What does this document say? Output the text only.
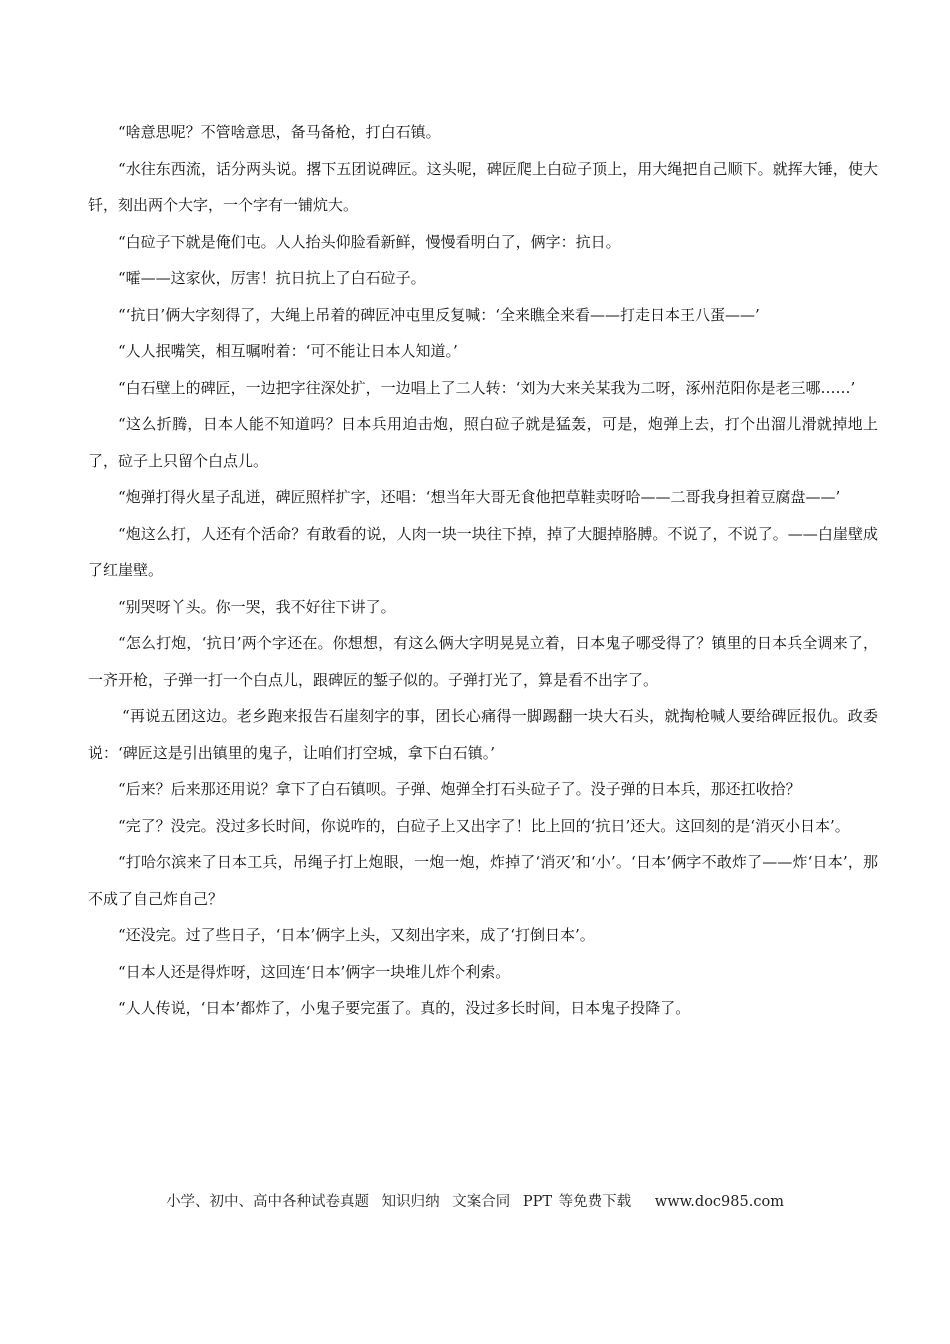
“啥意思呢？不管啥意思，备马备枪，打白石镇。

“水往东西流，话分两头说。撂下五团说碑匠。这头呢，碑匠爬上白砬子顶上，用大绳把自己顺下。就挥大锤，使大钎，刻出两个大字，一个字有一铺炕大。

“白砬子下就是俺们屯。人人抬头仰脸看新鲜，慢慢看明白了，俩字：抗日。

“嚯——这家伙，厉害！抗日抗上了白石砬子。

“‘抗日’俩大字刻得了，大绳上吊着的碑匠冲屯里反复喊：‘全来瞧全来看——打走日本王八蛋——’

“人人抿嘴笑，相互嘱咐着：‘可不能让日本人知道。’

“白石壁上的碑匠，一边把字往深处扩，一边唱上了二人转：‘刘为大来关某我为二呀，涿州范阳你是老三哪……’

“这么折腾，日本人能不知道吗？日本兵用迫击炮，照白砬子就是猛轰，可是，炮弹上去，打个出溜儿滑就掉地上了，砬子上只留个白点儿。

“炮弹打得火星子乱迸，碑匠照样扩字，还唱：‘想当年大哥无食他把草鞋卖呀哈——二哥我身担着豆腐盘——’

“炮这么打，人还有个活命？有敢看的说，人肉一块一块往下掉，掉了大腿掉胳膊。不说了，不说了。——白崖壁成了红崖壁。

“别哭呀丫头。你一哭，我不好往下讲了。

“怎么打炮，‘抗日’两个字还在。你想想，有这么俩大字明晃晃立着，日本鬼子哪受得了？镇里的日本兵全调来了，一齐开枪，子弹一打一个白点儿，跟碑匠的錾子似的。子弹打光了，算是看不出字了。

“再说五团这边。老乡跑来报告石崖刻字的事，团长心痛得一脚踢翻一块大石头，就掏枪喊人要给碑匠报仇。政委说：‘碑匠这是引出镇里的鬼子，让咱们打空城，拿下白石镇。’

“后来？后来那还用说？拿下了白石镇呗。子弹、炮弹全打石头砬子了。没子弹的日本兵，那还扛收拾？

“完了？没完。没过多长时间，你说咋的，白砬子上又出字了！比上回的‘抗日’还大。这回刻的是‘消灭小日本’。

“打哈尔滨来了日本工兵，吊绳子打上炮眼，一炮一炮，炸掉了‘消灭’和‘小’。‘日本’俩字不敢炸了——炸‘日本’，那不成了自己炸自己？

“还没完。过了些日子，‘日本’俩字上头，又刻出字来，成了‘打倒日本’。

“日本人还是得炸呀，这回连‘日本’俩字一块堆儿炸个利索。

“人人传说，‘日本’都炸了，小鬼子要完蛋了。真的，没过多长时间，日本鬼子投降了。

小学、初中、高中各种试卷真题 知识归纳 文案合同 PPT 等免费下载 www.doc985.com
